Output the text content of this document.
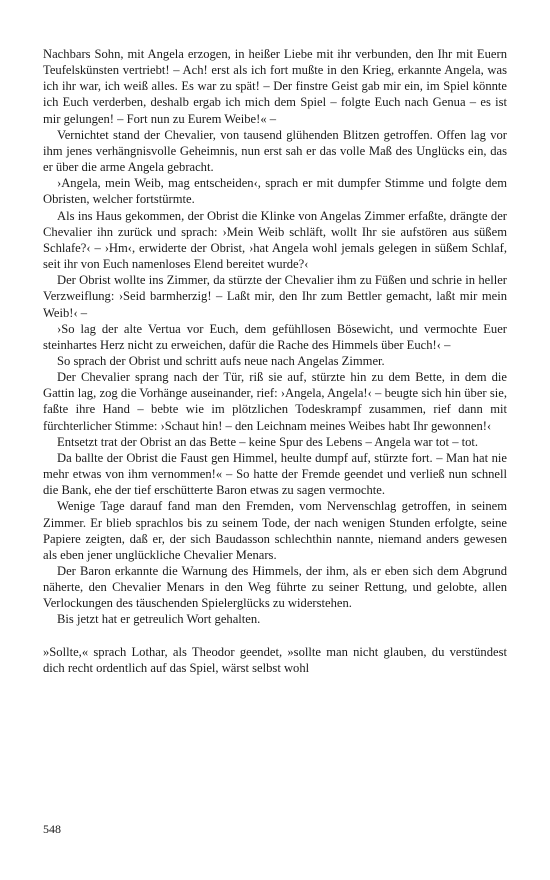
Nachbars Sohn, mit Angela erzogen, in heißer Liebe mit ihr verbunden, den Ihr mit Euern Teufelskünsten vertriebt! – Ach! erst als ich fort mußte in den Krieg, erkannte Angela, was ich ihr war, ich weiß alles. Es war zu spät! – Der finstre Geist gab mir ein, im Spiel könnte ich Euch verderben, deshalb ergab ich mich dem Spiel – folgte Euch nach Genua – es ist mir gelungen! – Fort nun zu Eurem Weibe!« –

Vernichtet stand der Chevalier, von tausend glühenden Blitzen getroffen. Offen lag vor ihm jenes verhängnisvolle Geheimnis, nun erst sah er das volle Maß des Unglücks ein, das er über die arme Angela gebracht.

›Angela, mein Weib, mag entscheiden‹, sprach er mit dumpfer Stimme und folgte dem Obristen, welcher fortstürmte.

Als ins Haus gekommen, der Obrist die Klinke von Angelas Zimmer erfaßte, drängte der Chevalier ihn zurück und sprach: ›Mein Weib schläft, wollt Ihr sie aufstören aus süßem Schlafe?‹ – ›Hm‹, erwiderte der Obrist, ›hat Angela wohl jemals gelegen in süßem Schlaf, seit ihr von Euch namenloses Elend bereitet wurde?‹

Der Obrist wollte ins Zimmer, da stürzte der Chevalier ihm zu Füßen und schrie in heller Verzweiflung: ›Seid barmherzig! – Laßt mir, den Ihr zum Bettler gemacht, laßt mir mein Weib!‹ –

›So lag der alte Vertua vor Euch, dem gefühllosen Bösewicht, und vermochte Euer steinhartes Herz nicht zu erweichen, dafür die Rache des Himmels über Euch!‹ –

So sprach der Obrist und schritt aufs neue nach Angelas Zimmer.

Der Chevalier sprang nach der Tür, riß sie auf, stürzte hin zu dem Bette, in dem die Gattin lag, zog die Vorhänge auseinander, rief: ›Angela, Angela!‹ – beugte sich hin über sie, faßte ihre Hand – bebte wie im plötzlichen Todeskrampf zusammen, rief dann mit fürchterlicher Stimme: ›Schaut hin! – den Leichnam meines Weibes habt Ihr gewonnen!‹

Entsetzt trat der Obrist an das Bette – keine Spur des Lebens – Angela war tot – tot.

Da ballte der Obrist die Faust gen Himmel, heulte dumpf auf, stürzte fort. – Man hat nie mehr etwas von ihm vernommen!« – So hatte der Fremde geendet und verließ nun schnell die Bank, ehe der tief erschütterte Baron etwas zu sagen vermochte.

Wenige Tage darauf fand man den Fremden, vom Nervenschlag getroffen, in seinem Zimmer. Er blieb sprachlos bis zu seinem Tode, der nach wenigen Stunden erfolgte, seine Papiere zeigten, daß er, der sich Baudasson schlechthin nannte, niemand anders gewesen als eben jener unglückliche Chevalier Menars.

Der Baron erkannte die Warnung des Himmels, der ihm, als er eben sich dem Abgrund näherte, den Chevalier Menars in den Weg führte zu seiner Rettung, und gelobte, allen Verlockungen des täuschenden Spielerglücks zu widerstehen.

Bis jetzt hat er getreulich Wort gehalten.

»Sollte,« sprach Lothar, als Theodor geendet, »sollte man nicht glauben, du verstündest dich recht ordentlich auf das Spiel, wärst selbst wohl

548
